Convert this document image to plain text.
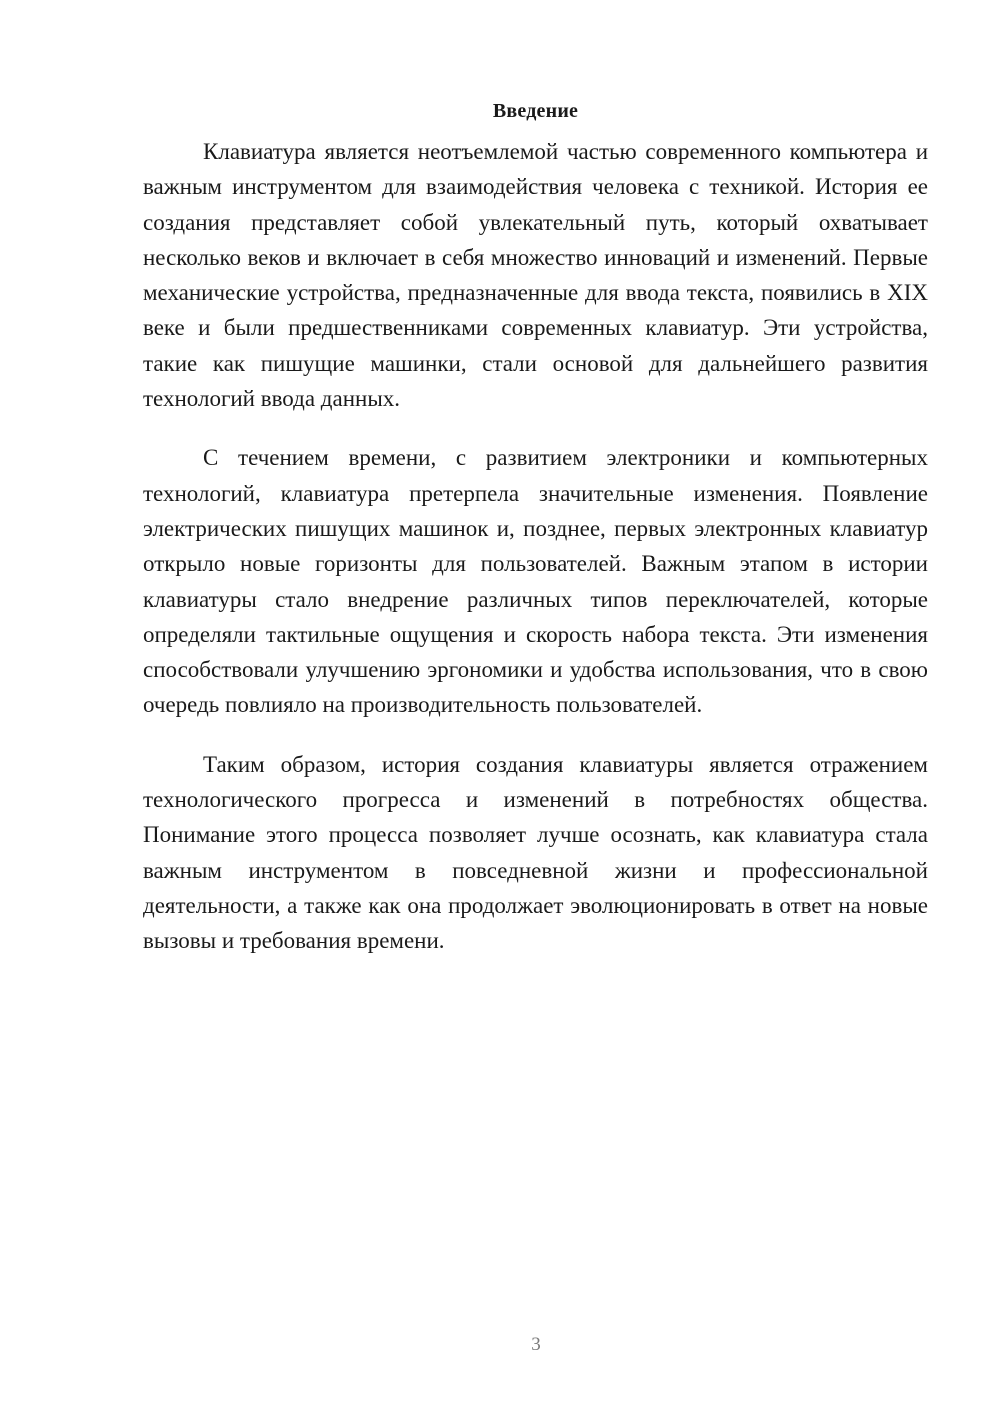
Введение

Клавиатура является неотъемлемой частью современного компьютера и важным инструментом для взаимодействия человека с техникой. История ее создания представляет собой увлекательный путь, который охватывает несколько веков и включает в себя множество инноваций и изменений. Первые механические устройства, предназначенные для ввода текста, появились в XIX веке и были предшественниками современных клавиатур. Эти устройства, такие как пишущие машинки, стали основой для дальнейшего развития технологий ввода данных.

С течением времени, с развитием электроники и компьютерных технологий, клавиатура претерпела значительные изменения. Появление электрических пишущих машинок и, позднее, первых электронных клавиатур открыло новые горизонты для пользователей. Важным этапом в истории клавиатуры стало внедрение различных типов переключателей, которые определяли тактильные ощущения и скорость набора текста. Эти изменения способствовали улучшению эргономики и удобства использования, что в свою очередь повлияло на производительность пользователей.

Таким образом, история создания клавиатуры является отражением технологического прогресса и изменений в потребностях общества. Понимание этого процесса позволяет лучше осознать, как клавиатура стала важным инструментом в повседневной жизни и профессиональной деятельности, а также как она продолжает эволюционировать в ответ на новые вызовы и требования времени.

3
